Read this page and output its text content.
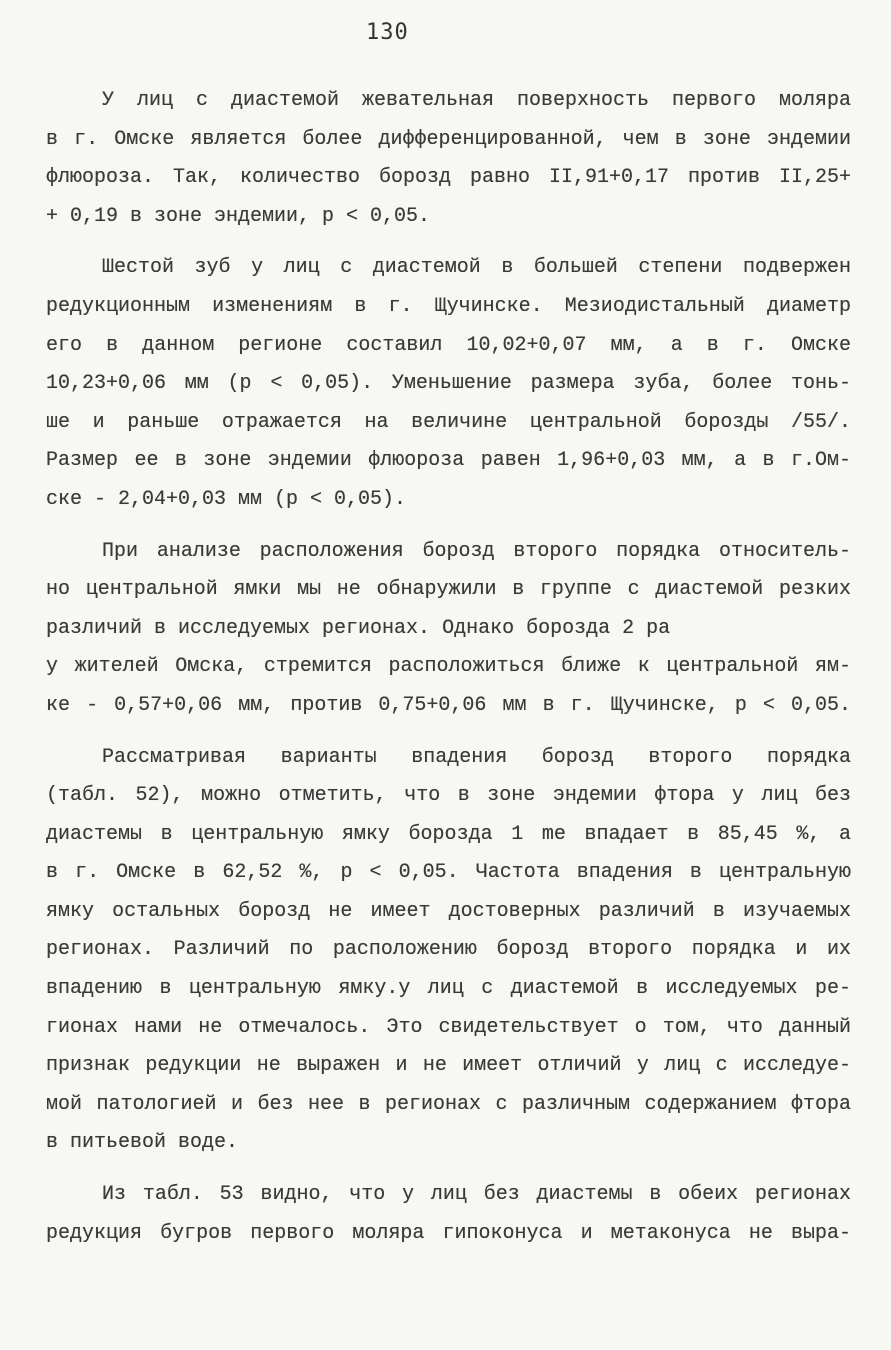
130
У лиц с диастемой жевательная поверхность первого моляра
в г. Омске является более дифференцированной, чем в зоне эндемии
флюороза. Так, количество борозд равно II,91+0,17 против II,25+
+ 0,19 в зоне эндемии, р < 0,05.
Шестой зуб у лиц с диастемой в большей степени подвержен
редукционным изменениям в г. Щучинске. Мезиодистальный диаметр
его в данном регионе составил 10,02+0,07 мм, а в г. Омске
10,23+0,06 мм (р < 0,05). Уменьшение размера зуба, более тонь-
ше и раньше отражается на величине центральной борозды /55/.
Размер ее в зоне эндемии флюороза равен 1,96+0,03 мм, а в г.Ом-
ске - 2,04+0,03 мм (р < 0,05).
При анализе расположения борозд второго порядка относитель-
но центральной ямки мы не обнаружили в группе с диастемой резких
различий в исследуемых регионах. Однако борозда 2 pa
у жителей Омска, стремится расположиться ближе к центральной ям-
ке - 0,57+0,06 мм, против 0,75+0,06 мм в г. Щучинске, р < 0,05.
Рассматривая варианты впадения борозд второго порядка
(табл. 52), можно отметить, что в зоне эндемии фтора у лиц без
диастемы в центральную ямку борозда 1 me впадает в 85,45 %, а
в г. Омске в 62,52 %, р < 0,05. Частота впадения в центральную
ямку остальных борозд не имеет достоверных различий в изучаемых
регионах. Различий по расположению борозд второго порядка и их
впадению в центральную ямку.у лиц с диастемой в исследуемых ре-
гионах нами не отмечалось. Это свидетельствует о том, что данный
признак редукции не выражен и не имеет отличий у лиц с исследуе-
мой патологией и без нее в регионах с различным содержанием фтора
в питьевой воде.
Из табл. 53 видно, что у лиц без диастемы в обеих регионах
редукция бугров первого моляра гипоконуса и метаконуса не выра-
